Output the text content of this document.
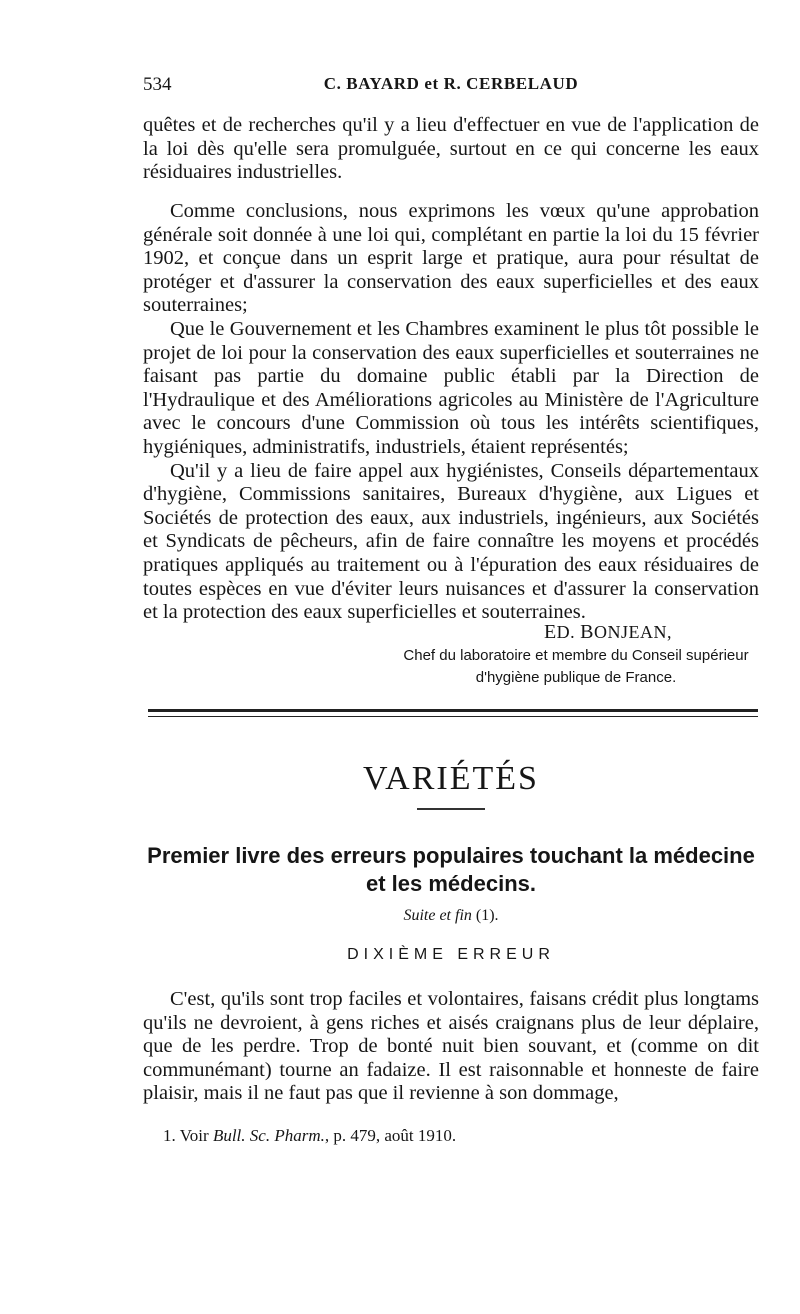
534	C. BAYARD et R. CERBELAUD

quêtes et de recherches qu'il y a lieu d'effectuer en vue de l'application de la loi dès qu'elle sera promulguée, surtout en ce qui concerne les eaux résiduaires industrielles.

Comme conclusions, nous exprimons les vœux qu'une approbation générale soit donnée à une loi qui, complétant en partie la loi du 15 février 1902, et conçue dans un esprit large et pratique, aura pour résultat de protéger et d'assurer la conservation des eaux superficielles et des eaux souterraines;

Que le Gouvernement et les Chambres examinent le plus tôt possible le projet de loi pour la conservation des eaux superficielles et souterraines ne faisant pas partie du domaine public établi par la Direction de l'Hydraulique et des Améliorations agricoles au Ministère de l'Agriculture avec le concours d'une Commission où tous les intérêts scientifiques, hygiéniques, administratifs, industriels, étaient représentés;

Qu'il y a lieu de faire appel aux hygiénistes, Conseils départementaux d'hygiène, Commissions sanitaires, Bureaux d'hygiène, aux Ligues et Sociétés de protection des eaux, aux industriels, ingénieurs, aux Sociétés et Syndicats de pêcheurs, afin de faire connaître les moyens et procédés pratiques appliqués au traitement ou à l'épuration des eaux résiduaires de toutes espèces en vue d'éviter leurs nuisances et d'assurer la conservation et la protection des eaux superficielles et souterraines.

ED. BONJEAN,
Chef du laboratoire et membre du Conseil supérieur
d'hygiène publique de France.
VARIÉTÉS
Premier livre des erreurs populaires touchant la médecine
et les médecins.
Suite et fin (1).
DIXIÈME ERREUR

C'est, qu'ils sont trop faciles et volontaires, faisans crédit plus longtams qu'ils ne devroient, à gens riches et aisés craignans plus de leur déplaire, que de les perdre. Trop de bonté nuit bien souvant, et (comme on dit communémant) tourne an fadaize. Il est raisonnable et honneste de faire plaisir, mais il ne faut pas que il revienne à son dommage,

1. Voir Bull. Sc. Pharm., p. 479, août 1910.
